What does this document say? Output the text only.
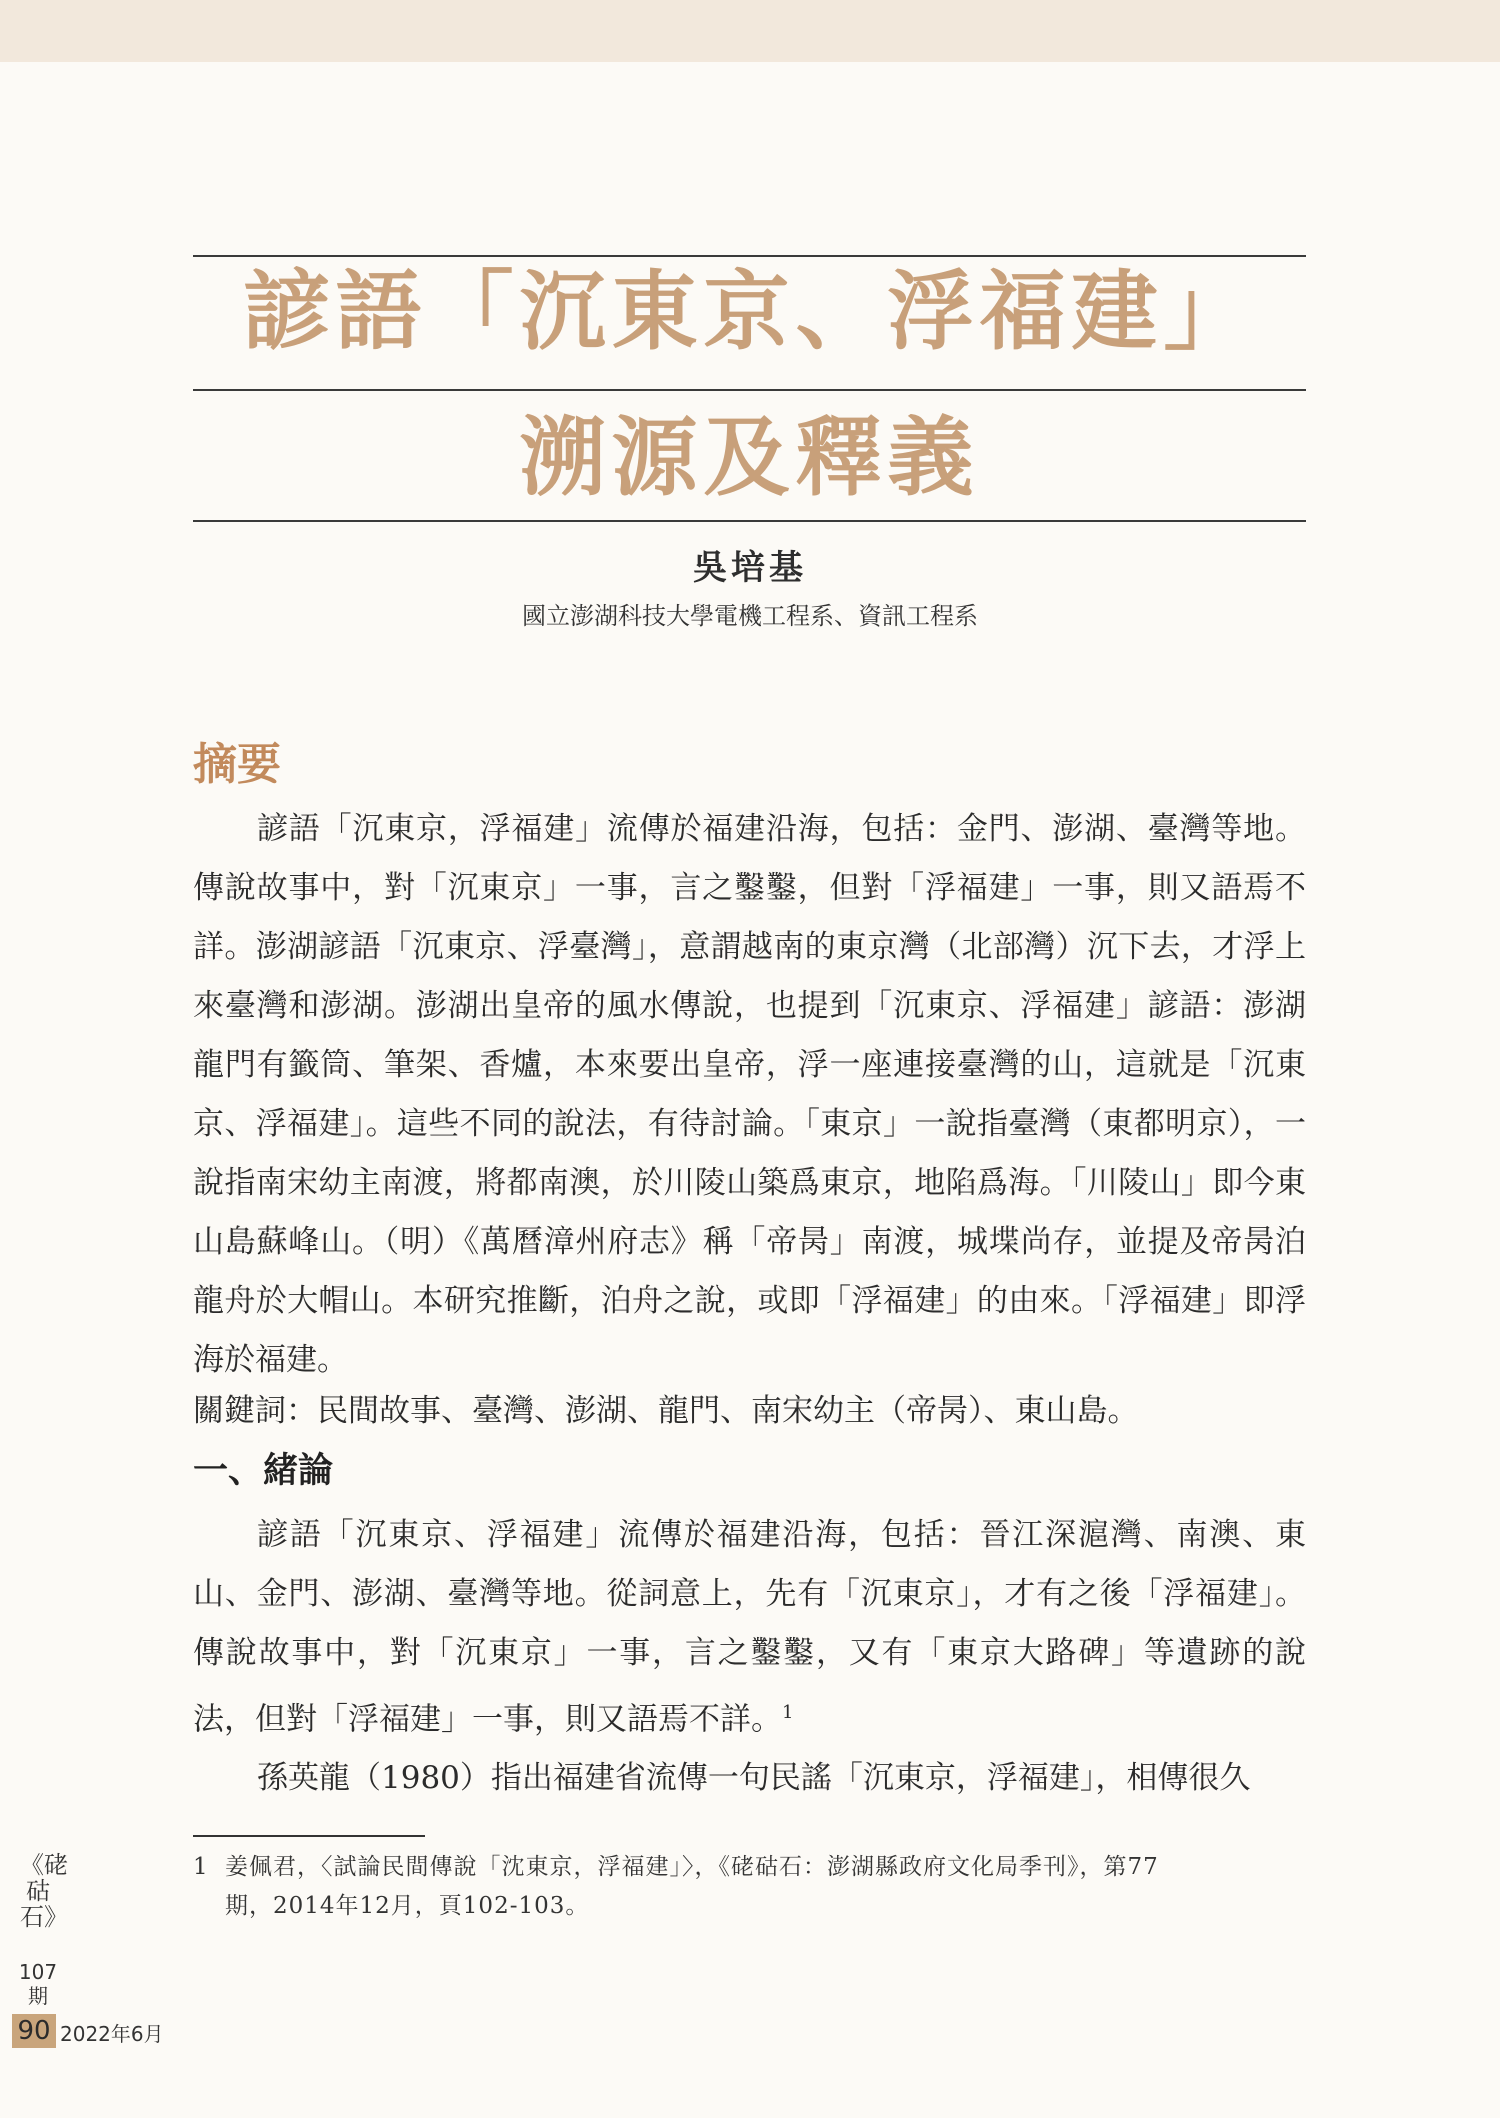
諺語「沉東京、浮福建」
溯源及釋義
吳培基
國立澎湖科技大學電機工程系、資訊工程系
摘要

諺語「沉東京，浮福建」流傳於福建沿海，包括：金門、澎湖、臺灣等地。傳說故事中，對「沉東京」一事，言之鑿鑿，但對「浮福建」一事，則又語焉不詳。澎湖諺語「沉東京、浮臺灣」，意謂越南的東京灣（北部灣）沉下去，才浮上來臺灣和澎湖。澎湖出皇帝的風水傳說，也提到「沉東京、浮福建」諺語：澎湖龍門有籤筒、筆架、香爐，本來要出皇帝，浮一座連接臺灣的山，這就是「沉東京、浮福建」。這些不同的說法，有待討論。「東京」一說指臺灣（東都明京），一說指南宋幼主南渡，將都南澳，於川陵山築爲東京，地陷爲海。「川陵山」即今東山島蘇峰山。（明）《萬曆漳州府志》稱「帝昺」南渡，城堞尚存，並提及帝昺泊龍舟於大帽山。本研究推斷，泊舟之說，或即「浮福建」的由來。「浮福建」即浮海於福建。

關鍵詞：民間故事、臺灣、澎湖、龍門、南宋幼主（帝昺）、東山島。
一、緒論

諺語「沉東京、浮福建」流傳於福建沿海，包括：晉江深滬灣、南澳、東山、金門、澎湖、臺灣等地。從詞意上，先有「沉東京」，才有之後「浮福建」。傳說故事中，對「沉東京」一事，言之鑿鑿，又有「東京大路碑」等遺跡的說法，但對「浮福建」一事，則又語焉不詳。$^1$

孫英龍（1980）指出福建省流傳一句民謠「沉東京，浮福建」，相傳很久

1 姜佩君，〈試論民間傳說「沈東京，浮福建」〉，《硓𥑮石：澎湖縣政府文化局季刊》，第77
期，2014年12月，頁102-103。
《硓𥑮石》
107期
90 2022年6月
